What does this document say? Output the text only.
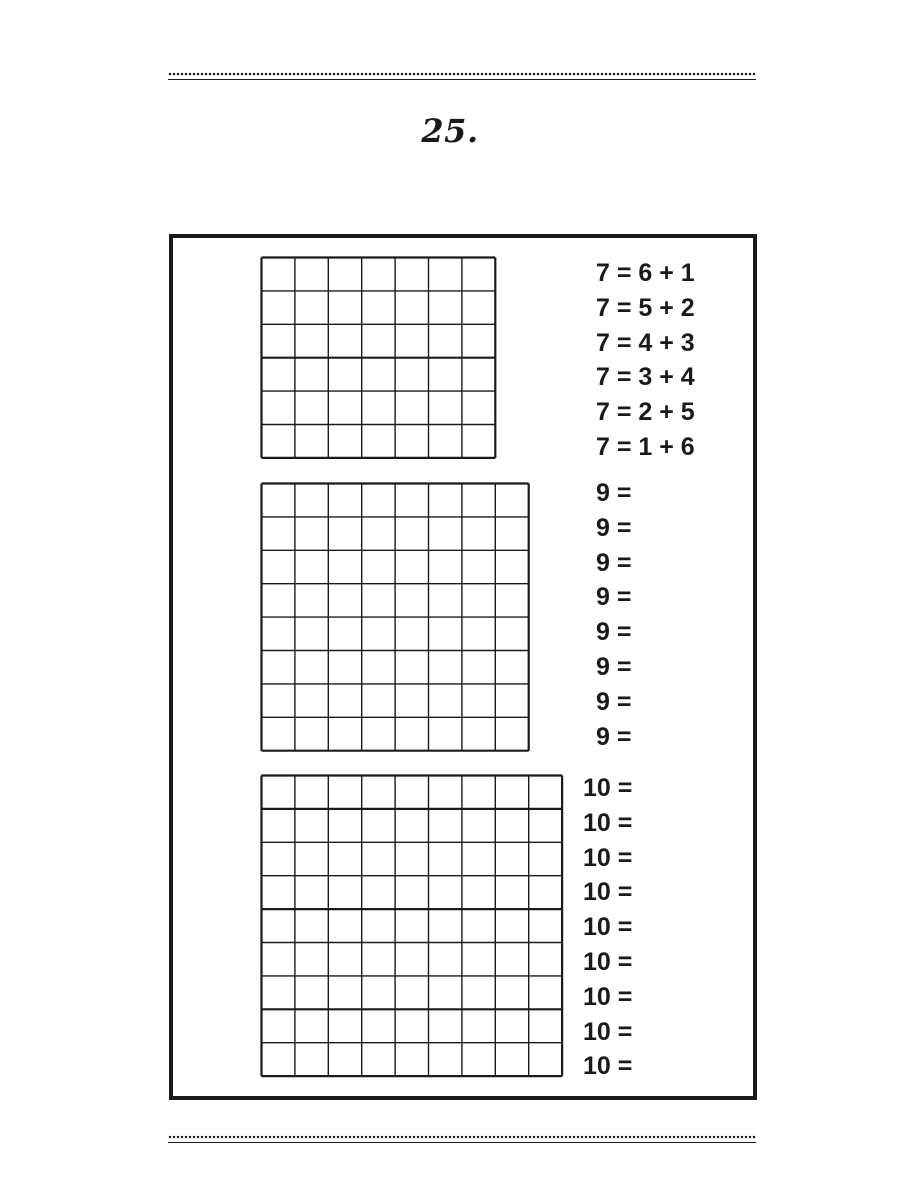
25.
7 = 6 + 1
7 = 5 + 2
7 = 4 + 3
7 = 3 + 4
7 = 2 + 5
7 = 1 + 6
9 =
9 =
9 =
9 =
9 =
9 =
9 =
9 =
10 =
10 =
10 =
10 =
10 =
10 =
10 =
10 =
10 =
